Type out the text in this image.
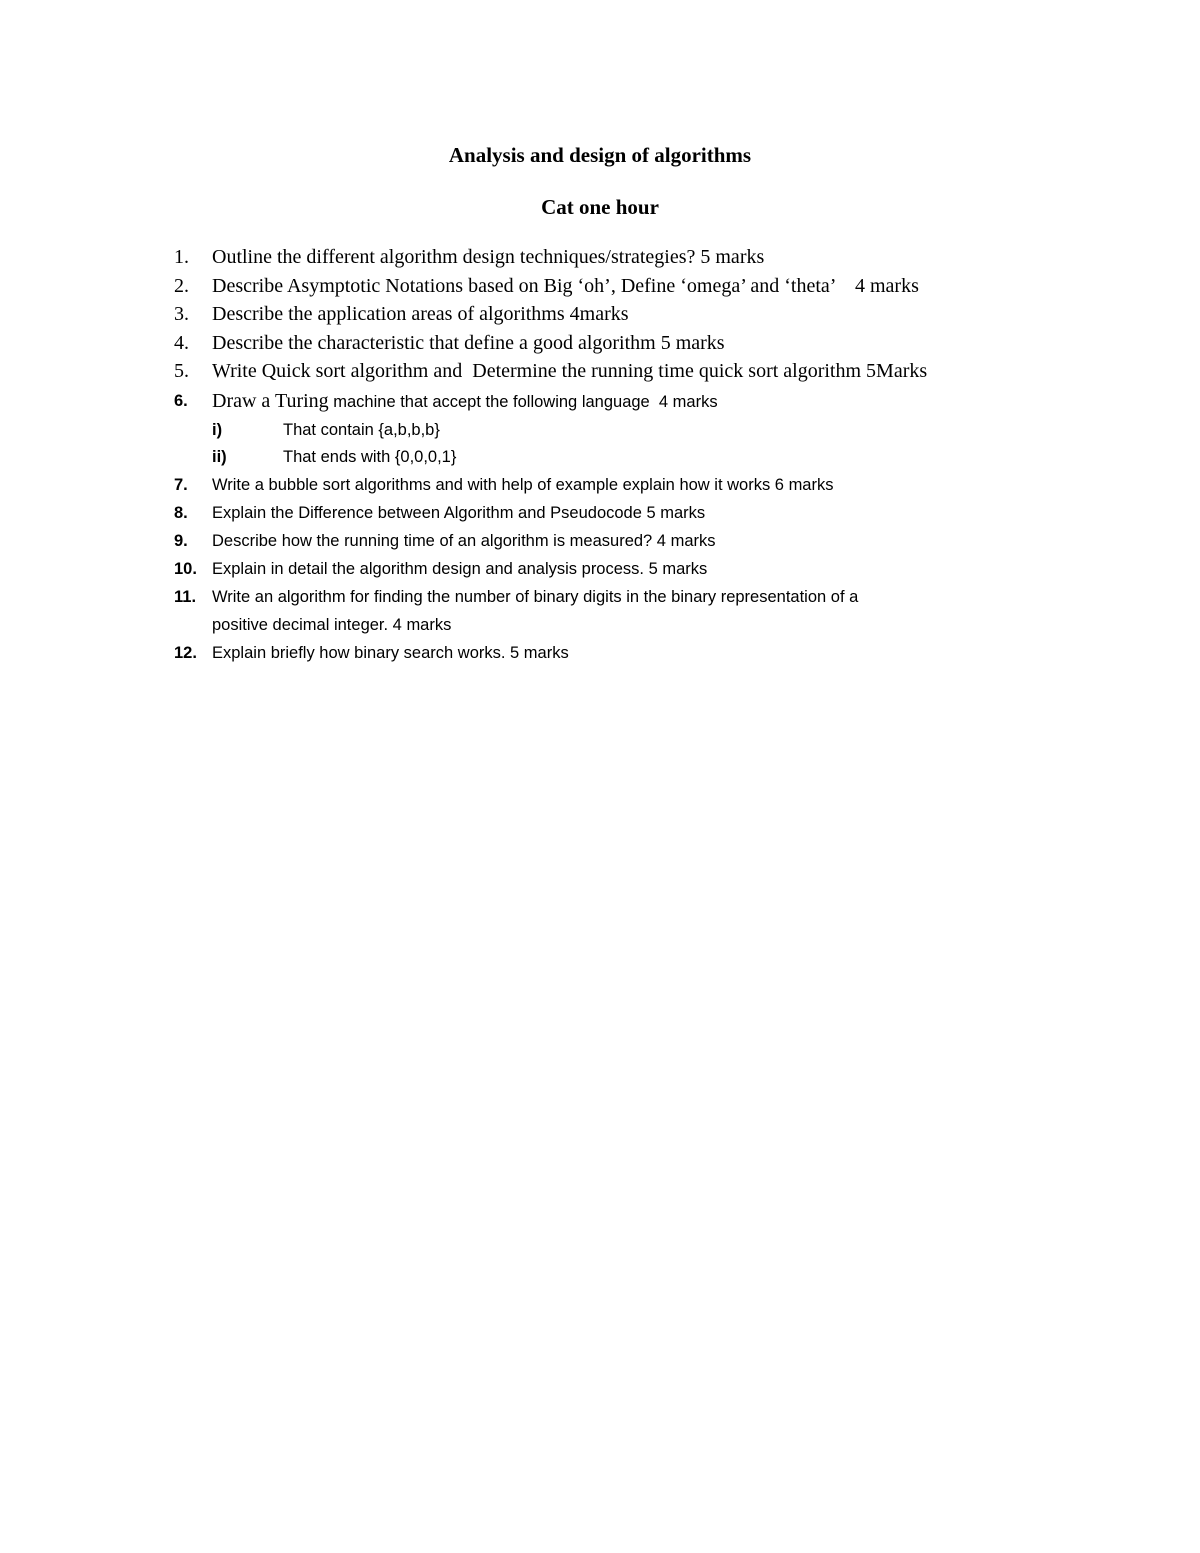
Analysis and design of algorithms
Cat one hour
1. Outline the different algorithm design techniques/strategies? 5 marks
2. Describe Asymptotic Notations based on Big ‘oh’, Define ‘omega’ and ‘theta’    4 marks
3. Describe the application areas of algorithms 4marks
4. Describe the characteristic that define a good algorithm 5 marks
5. Write Quick sort algorithm and  Determine the running time quick sort algorithm 5Marks
6. Draw a Turing machine that accept the following language  4 marks
i)	That contain {a,b,b,b}
ii)	That ends with {0,0,0,1}
7. Write a bubble sort algorithms and with help of example explain how it works 6 marks
8. Explain the Difference between Algorithm and Pseudocode 5 marks
9. Describe how the running time of an algorithm is measured? 4 marks
10. Explain in detail the algorithm design and analysis process. 5 marks
11. Write an algorithm for finding the number of binary digits in the binary representation of a
positive decimal integer. 4 marks
12. Explain briefly how binary search works. 5 marks
